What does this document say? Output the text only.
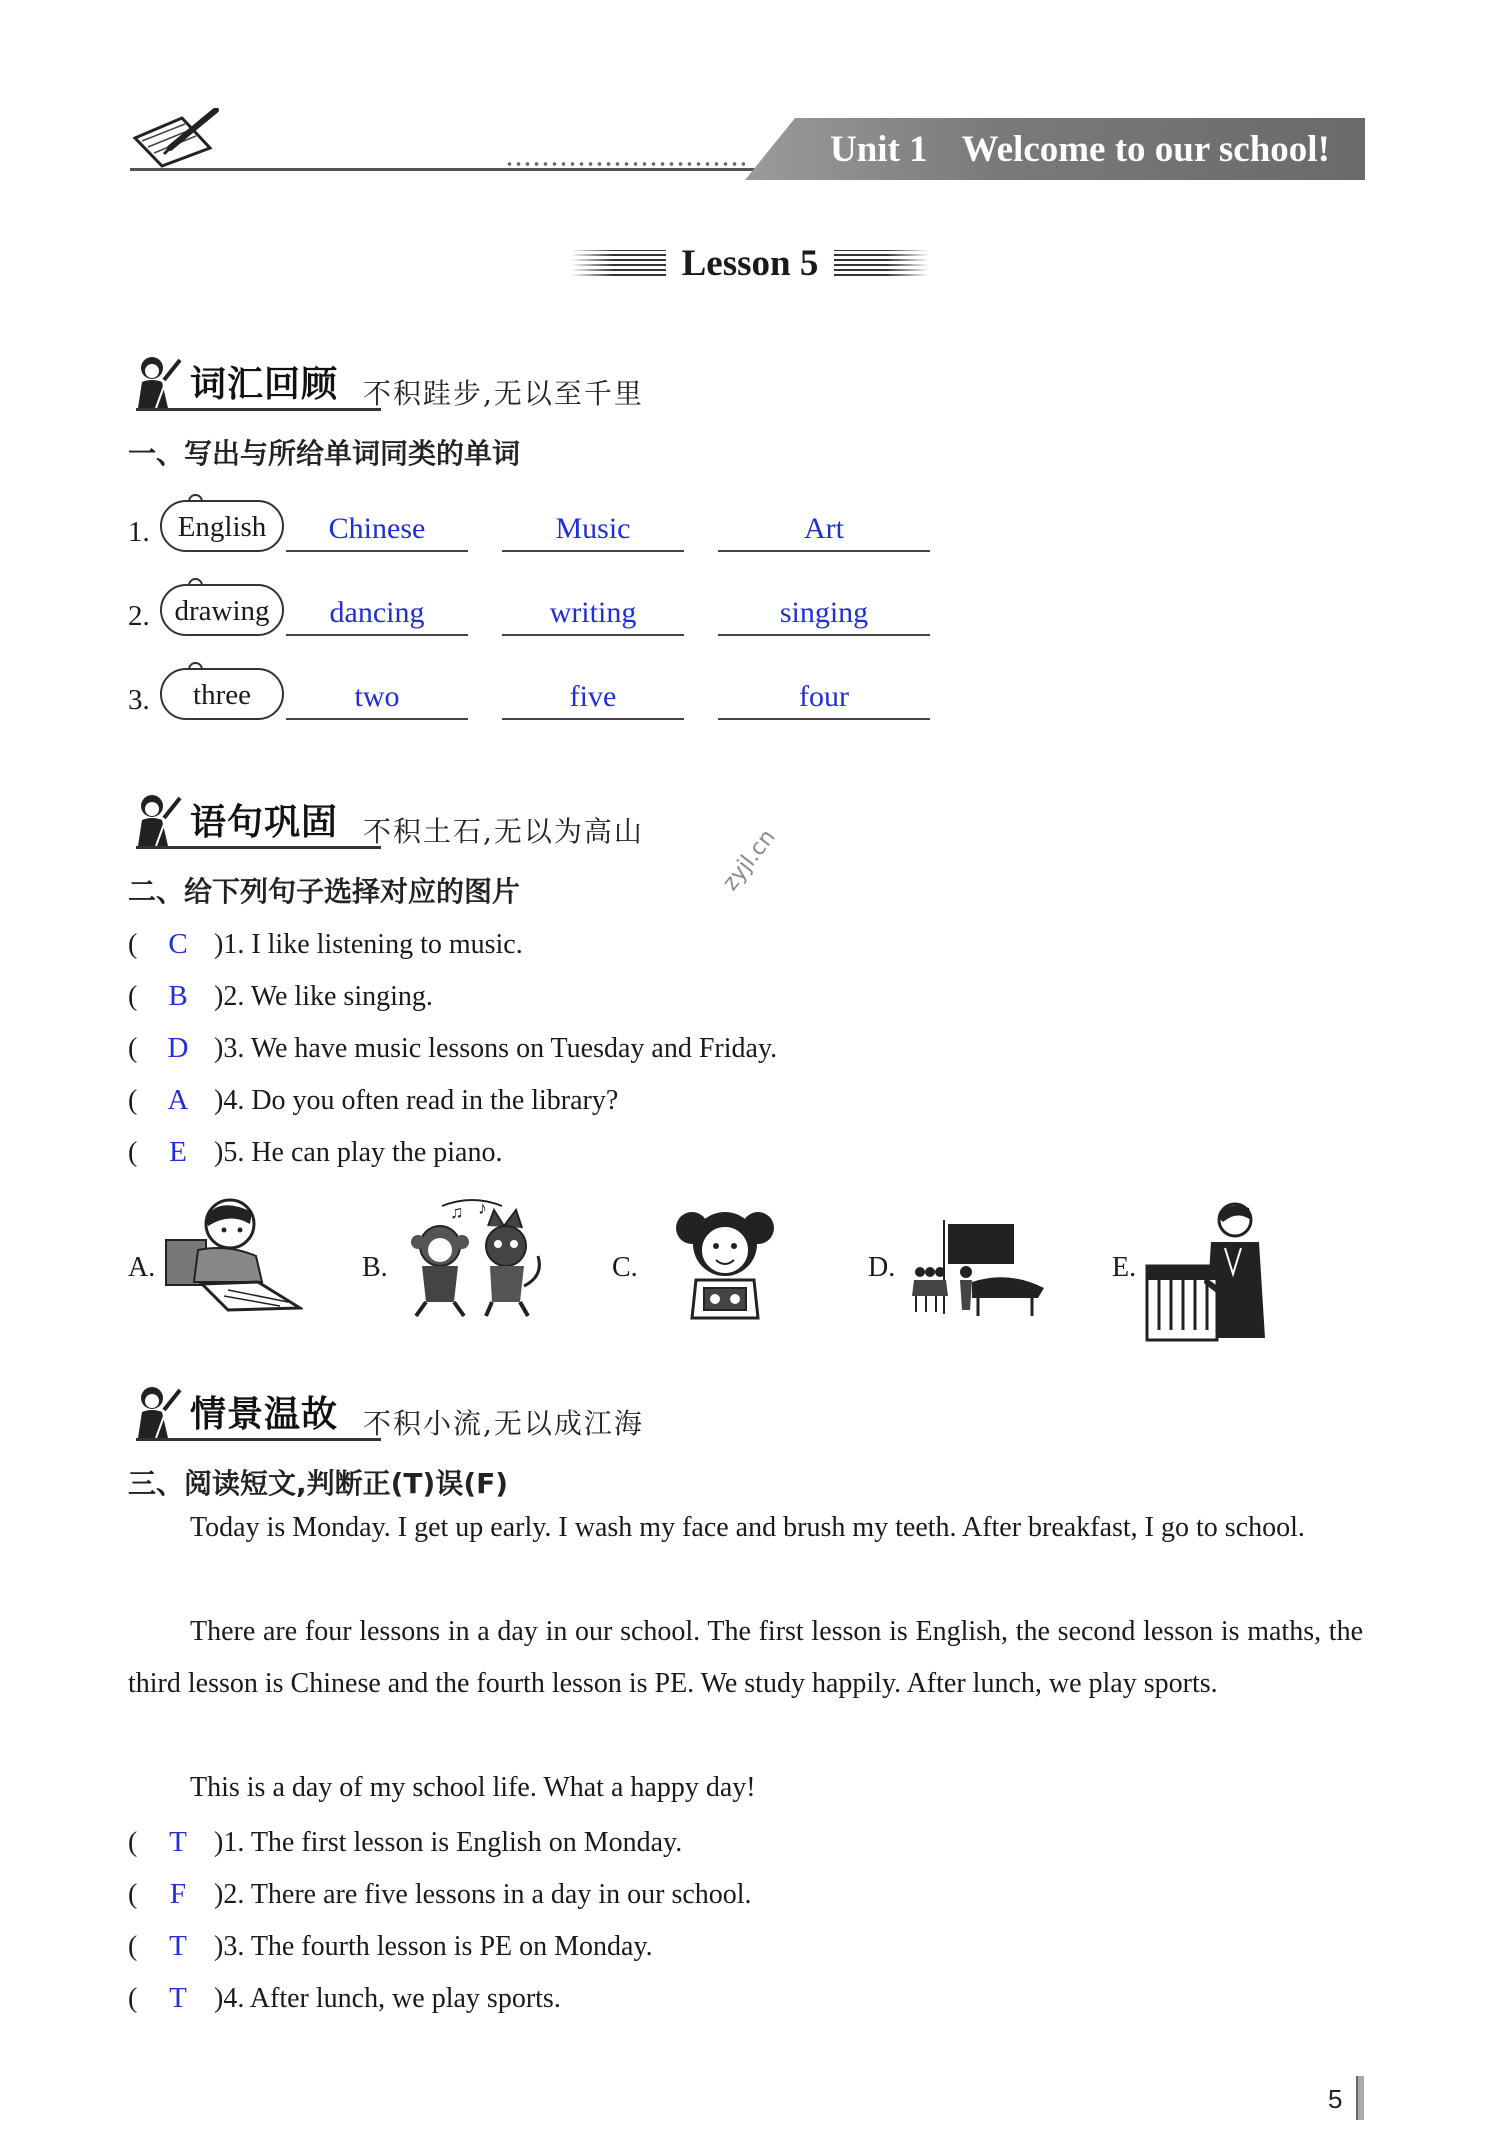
Unit 1 Welcome to our school!
Lesson 5
词汇回顾 不积跬步,无以至千里
一、写出与所给单词同类的单词
1. English	Chinese	Music	Art
2. drawing	dancing	writing	singing
3.	three	two	five	four
语句巩固 不积土石,无以为高山
二、给下列句子选择对应的图片	zyjl.cn
( C )1. I like listening to music.
( B )2. We like singing.
( D )3. We have music lessons on Tuesday and Friday.
( A )4. Do you often read in the library?
( E )5. He can play the piano.
A.	B.
♫ ♪
C.	D.	E.
情景温故 不积小流,无以成江海
三、阅读短文,判断正(T)误(F)
Today is Monday. I get up early. I wash my face and brush my teeth. After breakfast, I go to school.
There are four lessons in a day in our school. The first lesson is English, the second lesson is maths, the third lesson is Chinese and the fourth lesson is PE. We study happily. After lunch, we play sports.
This is a day of my school life. What a happy day!
( T )1. The first lesson is English on Monday.
( F )2. There are five lessons in a day in our school.
( T )3. The fourth lesson is PE on Monday.
( T )4. After lunch, we play sports.
5
